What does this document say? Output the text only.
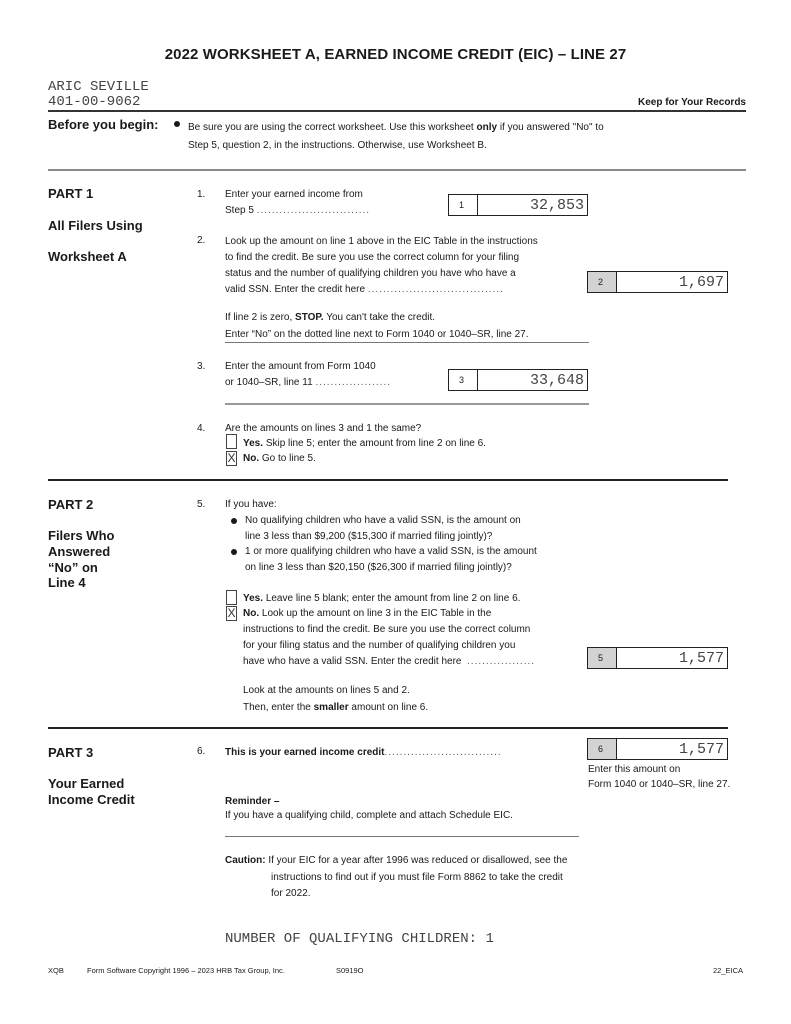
2022 WORKSHEET A, EARNED INCOME CREDIT (EIC) – LINE 27
ARIC SEVILLE
401-00-9062	Keep for Your Records
Before you begin:	Be sure you are using the correct worksheet. Use this worksheet only if you answered "No" to
Step 5, question 2, in the instructions. Otherwise, use Worksheet B.
PART 1
All Filers Using
Worksheet A
1. Enter your earned income from
Step 5 ..............................	1	32,853
2. Look up the amount on line 1 above in the EIC Table in the instructions
to find the credit. Be sure you use the correct column for your filing
status and the number of qualifying children you have who have a
valid SSN. Enter the credit here ....................................
2	1,697
If line 2 is zero, STOP. You can't take the credit.
Enter “No” on the dotted line next to Form 1040 or 1040–SR, line 27.
3. Enter the amount from Form 1040
or 1040–SR, line 11 ....................	3	33,648
4. Are the amounts on lines 3 and 1 the same?
Yes. Skip line 5; enter the amount from line 2 on line 6.
X No. Go to line 5.
PART 2
Filers Who
Answered
“No” on
Line 4
5. If you have:
No qualifying children who have a valid SSN, is the amount on
line 3 less than $9,200 ($15,300 if married filing jointly)?
1 or more qualifying children who have a valid SSN, is the amount
on line 3 less than $20,150 ($26,300 if married filing jointly)?
Yes. Leave line 5 blank; enter the amount from line 2 on line 6.
X No. Look up the amount on line 3 in the EIC Table in the
instructions to find the credit. Be sure you use the correct column
for your filing status and the number of qualifying children you
have who have a valid SSN. Enter the credit here ..................	5	1,577
Look at the amounts on lines 5 and 2.
Then, enter the smaller amount on line 6.
PART 3
Your Earned
Income Credit
6. This is your earned income credit...............................	6	1,577
Enter this amount on
Form 1040 or 1040–SR, line 27.
Reminder –
If you have a qualifying child, complete and attach Schedule EIC.
Caution: If your EIC for a year after 1996 was reduced or disallowed, see the
instructions to find out if you must file Form 8862 to take the credit
for 2022.
NUMBER OF QUALIFYING CHILDREN: 1
XQB	Form Software Copyright 1996 – 2023 HRB Tax Group, Inc.	S0919O	22_EICA
